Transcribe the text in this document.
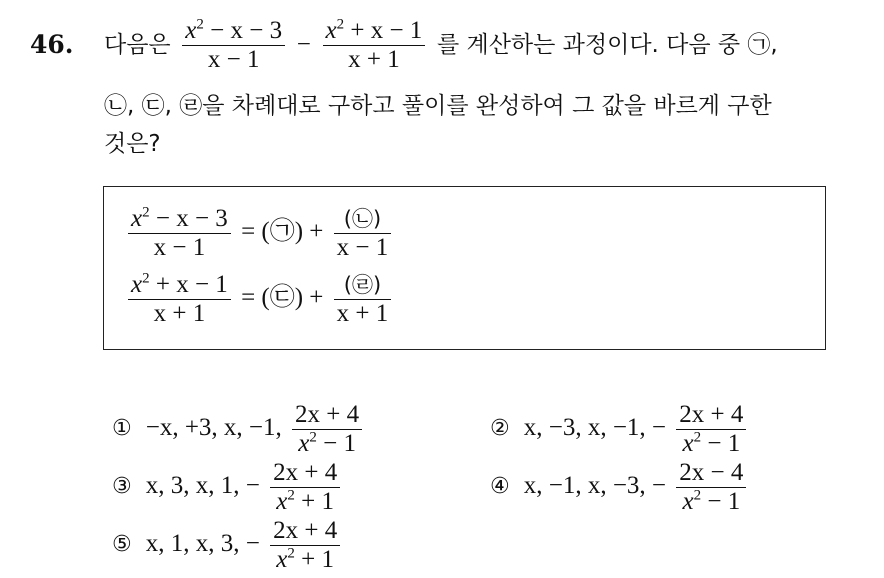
46. 다음은 $\frac{x^2 - x - 3}{x - 1} - \frac{x^2 + x - 1}{x + 1}$ 를 계산하는 과정이다. 다음 중 ㉠,
㉡, ㉢, ㉣을 차례대로 구하고 풀이를 완성하여 그 값을 바르게 구한
것은?
$\frac{x^2 - x - 3}{x - 1}$ = (㉠) + $\frac{(㉡)}{x - 1}$
$\frac{x^2 + x - 1}{x + 1}$ = (㉢) + $\frac{(㉣)}{x + 1}$
① −x, +3, x, −1, $\frac{2x + 4}{x^2 - 1}$	② x, −3, x, −1, − $\frac{2x + 4}{x^2 - 1}$
③ x, 3, x, 1, − $\frac{2x + 4}{x^2 + 1}$	④ x, −1, x, −3, − $\frac{2x - 4}{x^2 - 1}$
⑤ x, 1, x, 3, − $\frac{2x + 4}{x^2 + 1}$
